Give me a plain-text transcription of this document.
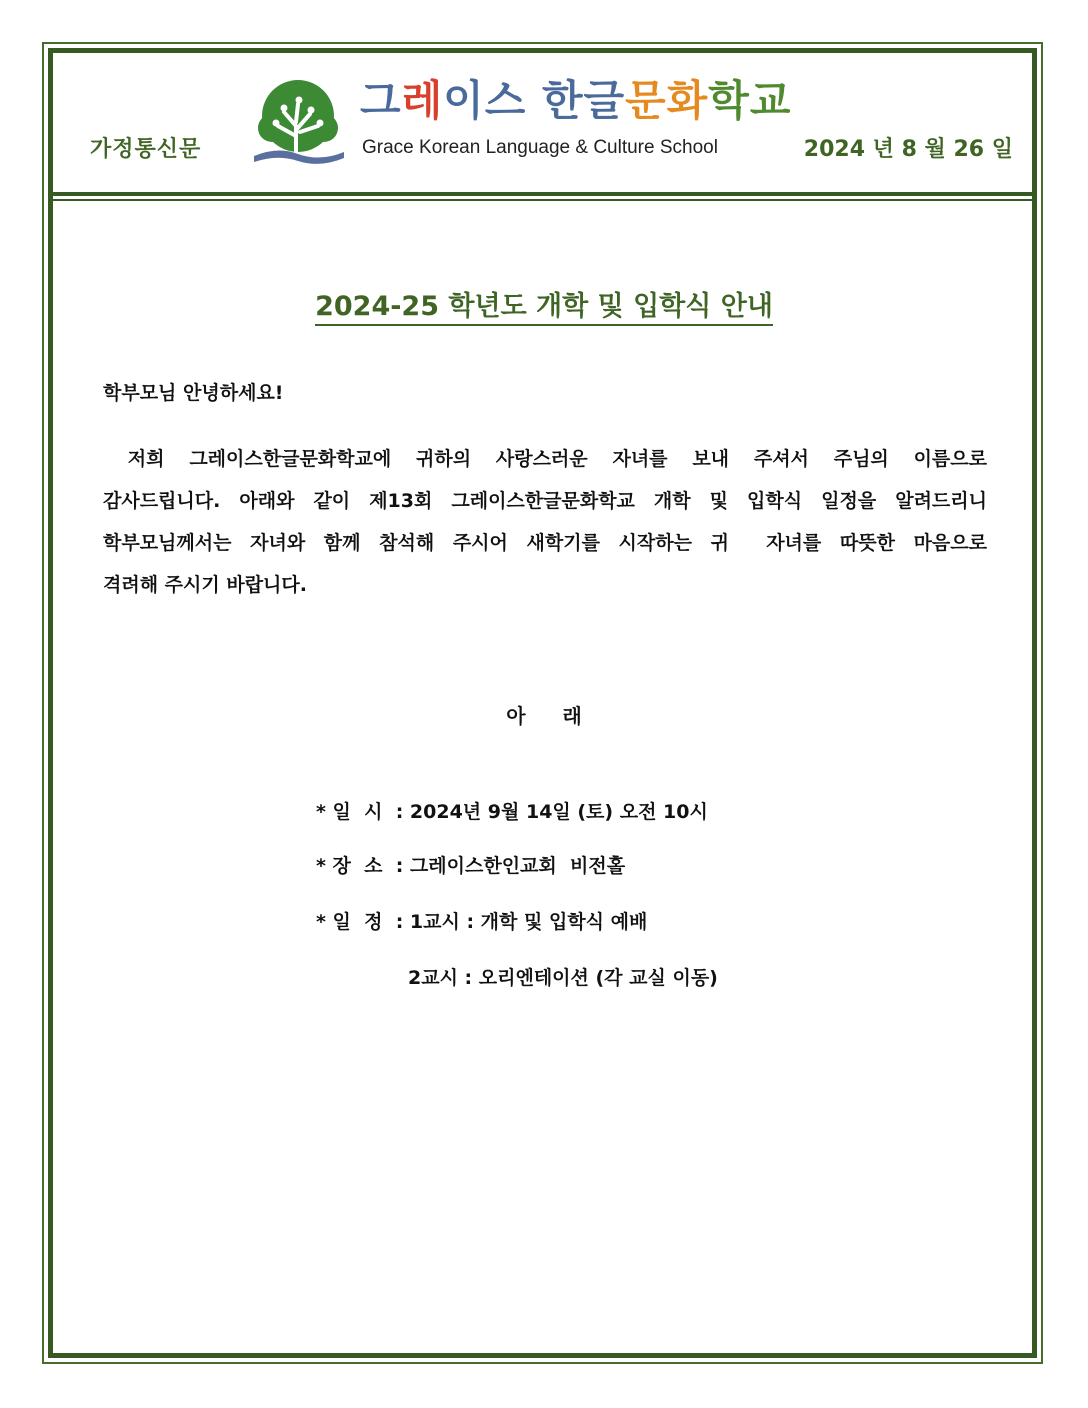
가정통신문
그레이스 한글문화학교
Grace Korean Language & Culture School	2024 년 8 월 26 일
2024-25 학년도 개학 및 입학식 안내
학부모님 안녕하세요!
저희 그레이스한글문화학교에 귀하의 사랑스러운 자녀를 보내 주셔서 주님의 이름으로
감사드립니다. 아래와 같이 제13회 그레이스한글문화학교 개학 및 입학식 일정을 알려드리니
학부모님께서는 자녀와 함께 참석해 주시어 새학기를 시작하는 귀  자녀를 따뜻한 마음으로
격려해 주시기 바랍니다.
아 래
* 일  시  : 2024년 9월 14일 (토) 오전 10시
* 장  소  : 그레이스한인교회  비전홀
* 일  정  : 1교시 : 개학 및 입학식 예배
2교시 : 오리엔테이션 (각 교실 이동)
